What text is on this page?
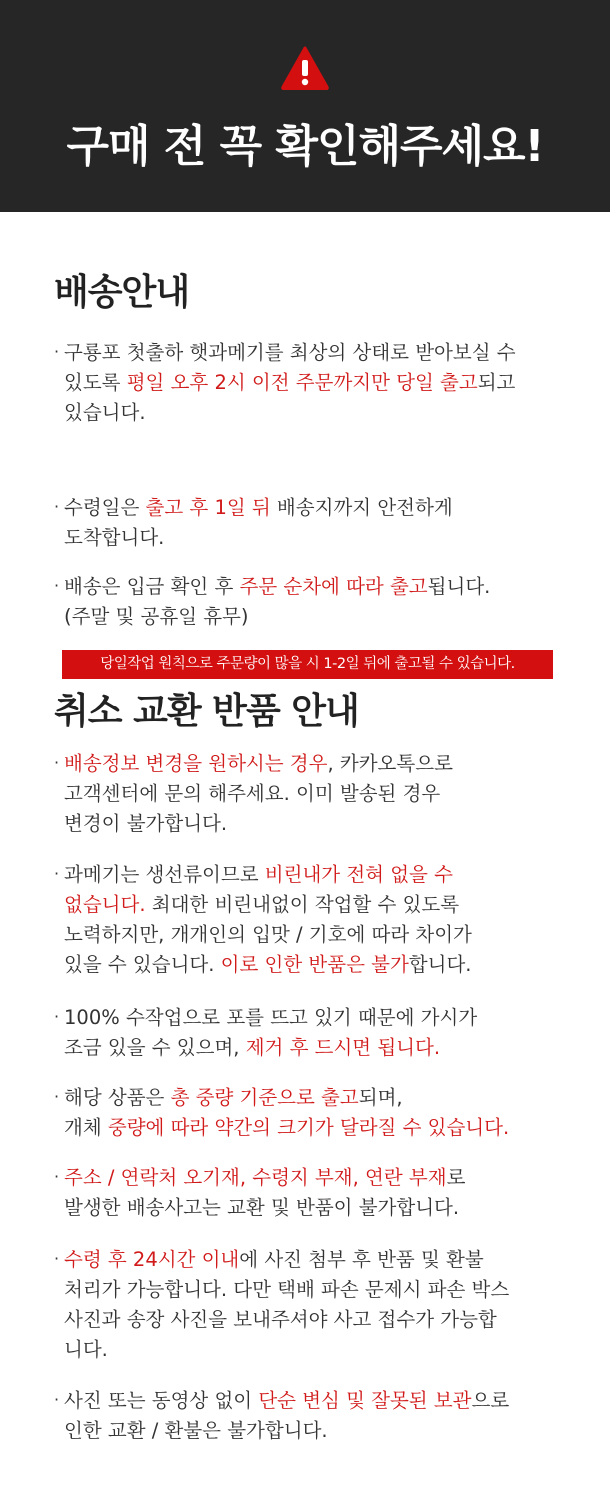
구매 전 꼭 확인해주세요!
배송안내
· 구룡포 첫출하 햇과메기를 최상의 상태로 받아보실 수
있도록 평일 오후 2시 이전 주문까지만 당일 출고되고
있습니다.
당일작업 원칙으로 주문량이 많을 시 1-2일 뒤에 출고될 수 있습니다.
· 수령일은 출고 후 1일 뒤 배송지까지 안전하게
도착합니다.
· 배송은 입금 확인 후 주문 순차에 따라 출고됩니다.
(주말 및 공휴일 휴무)
취소 교환 반품 안내
· 배송정보 변경을 원하시는 경우, 카카오톡으로
고객센터에 문의 해주세요. 이미 발송된 경우
변경이 불가합니다.
· 과메기는 생선류이므로 비린내가 전혀 없을 수
없습니다. 최대한 비린내없이 작업할 수 있도록
노력하지만, 개개인의 입맛 / 기호에 따라 차이가
있을 수 있습니다. 이로 인한 반품은 불가합니다.
· 100% 수작업으로 포를 뜨고 있기 때문에 가시가
조금 있을 수 있으며, 제거 후 드시면 됩니다.
· 해당 상품은 총 중량 기준으로 출고되며,
개체 중량에 따라 약간의 크기가 달라질 수 있습니다.
· 주소 / 연락처 오기재, 수령지 부재, 연란 부재로
발생한 배송사고는 교환 및 반품이 불가합니다.
· 수령 후 24시간 이내에 사진 첨부 후 반품 및 환불
처리가 가능합니다. 다만 택배 파손 문제시 파손 박스
사진과 송장 사진을 보내주셔야 사고 접수가 가능합
니다.
· 사진 또는 동영상 없이 단순 변심 및 잘못된 보관으로
인한 교환 / 환불은 불가합니다.
